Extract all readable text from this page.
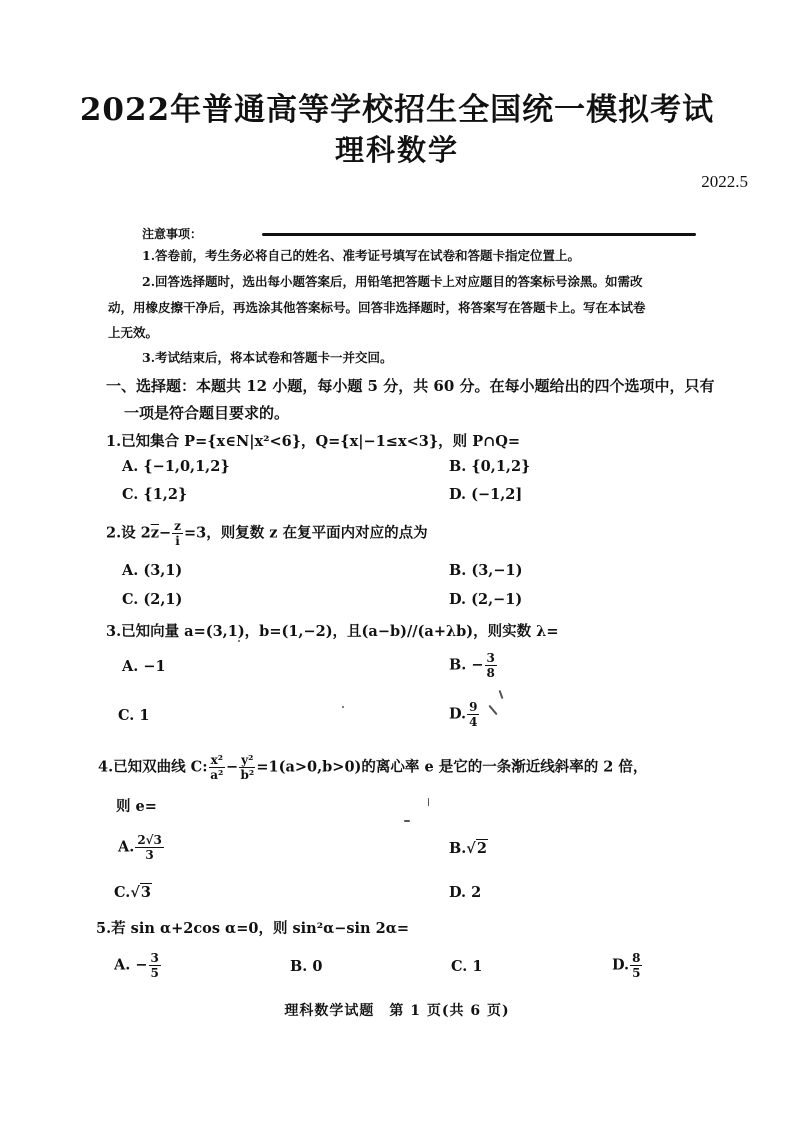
2022年普通高等学校招生全国统一模拟考试
理科数学
2022.5
注意事项：
1.答卷前，考生务必将自己的姓名、准考证号填写在试卷和答题卡指定位置上。
2.回答选择题时，选出每小题答案后，用铅笔把答题卡上对应题目的答案标号涂黑。如需改
动，用橡皮擦干净后，再选涂其他答案标号。回答非选择题时，将答案写在答题卡上。写在本试卷
上无效。
3.考试结束后，将本试卷和答题卡一并交回。
一、选择题：本题共 12 小题，每小题 5 分，共 60 分。在每小题给出的四个选项中，只有
一项是符合题目要求的。
1.已知集合 P={x∈N|x²<6}，Q={x|−1≤x<3}，则 P∩Q=
A. {−1,0,1,2}	B. {0,1,2}
C. {1,2}	D. (−1,2]
2.设 $2\overline{z}- \frac{z}{i} =3$，则复数 z 在复平面内对应的点为
A. (3,1)	B. (3,−1)
C. (2,1)	D. (2,−1)
3.已知向量 a=(3,1)，b=(1,−2)，且(a−b)//(a+λb)，则实数 λ=
A. −1	B. − $\frac{3}{8}$
C. 1	D. $\frac{9}{4}$
4.已知双曲线 C: $\frac{\text{x²}}{\text{a²}} - \frac{\text{y²}}{\text{b²}} =1(a>0,b>0)$的离心率 e 是它的一条渐近线斜率的 2 倍，
则 e=
A. $\frac{2√3}{3}$	B.√2
C.√3	D. 2
5.若 sin α+2cos α=0，则 sin²α−sin 2α=
A. − $\frac{3}{5}$	B. 0	C. 1	D. $\frac{8}{5}$
理科数学试题　第 1 页(共 6 页)
